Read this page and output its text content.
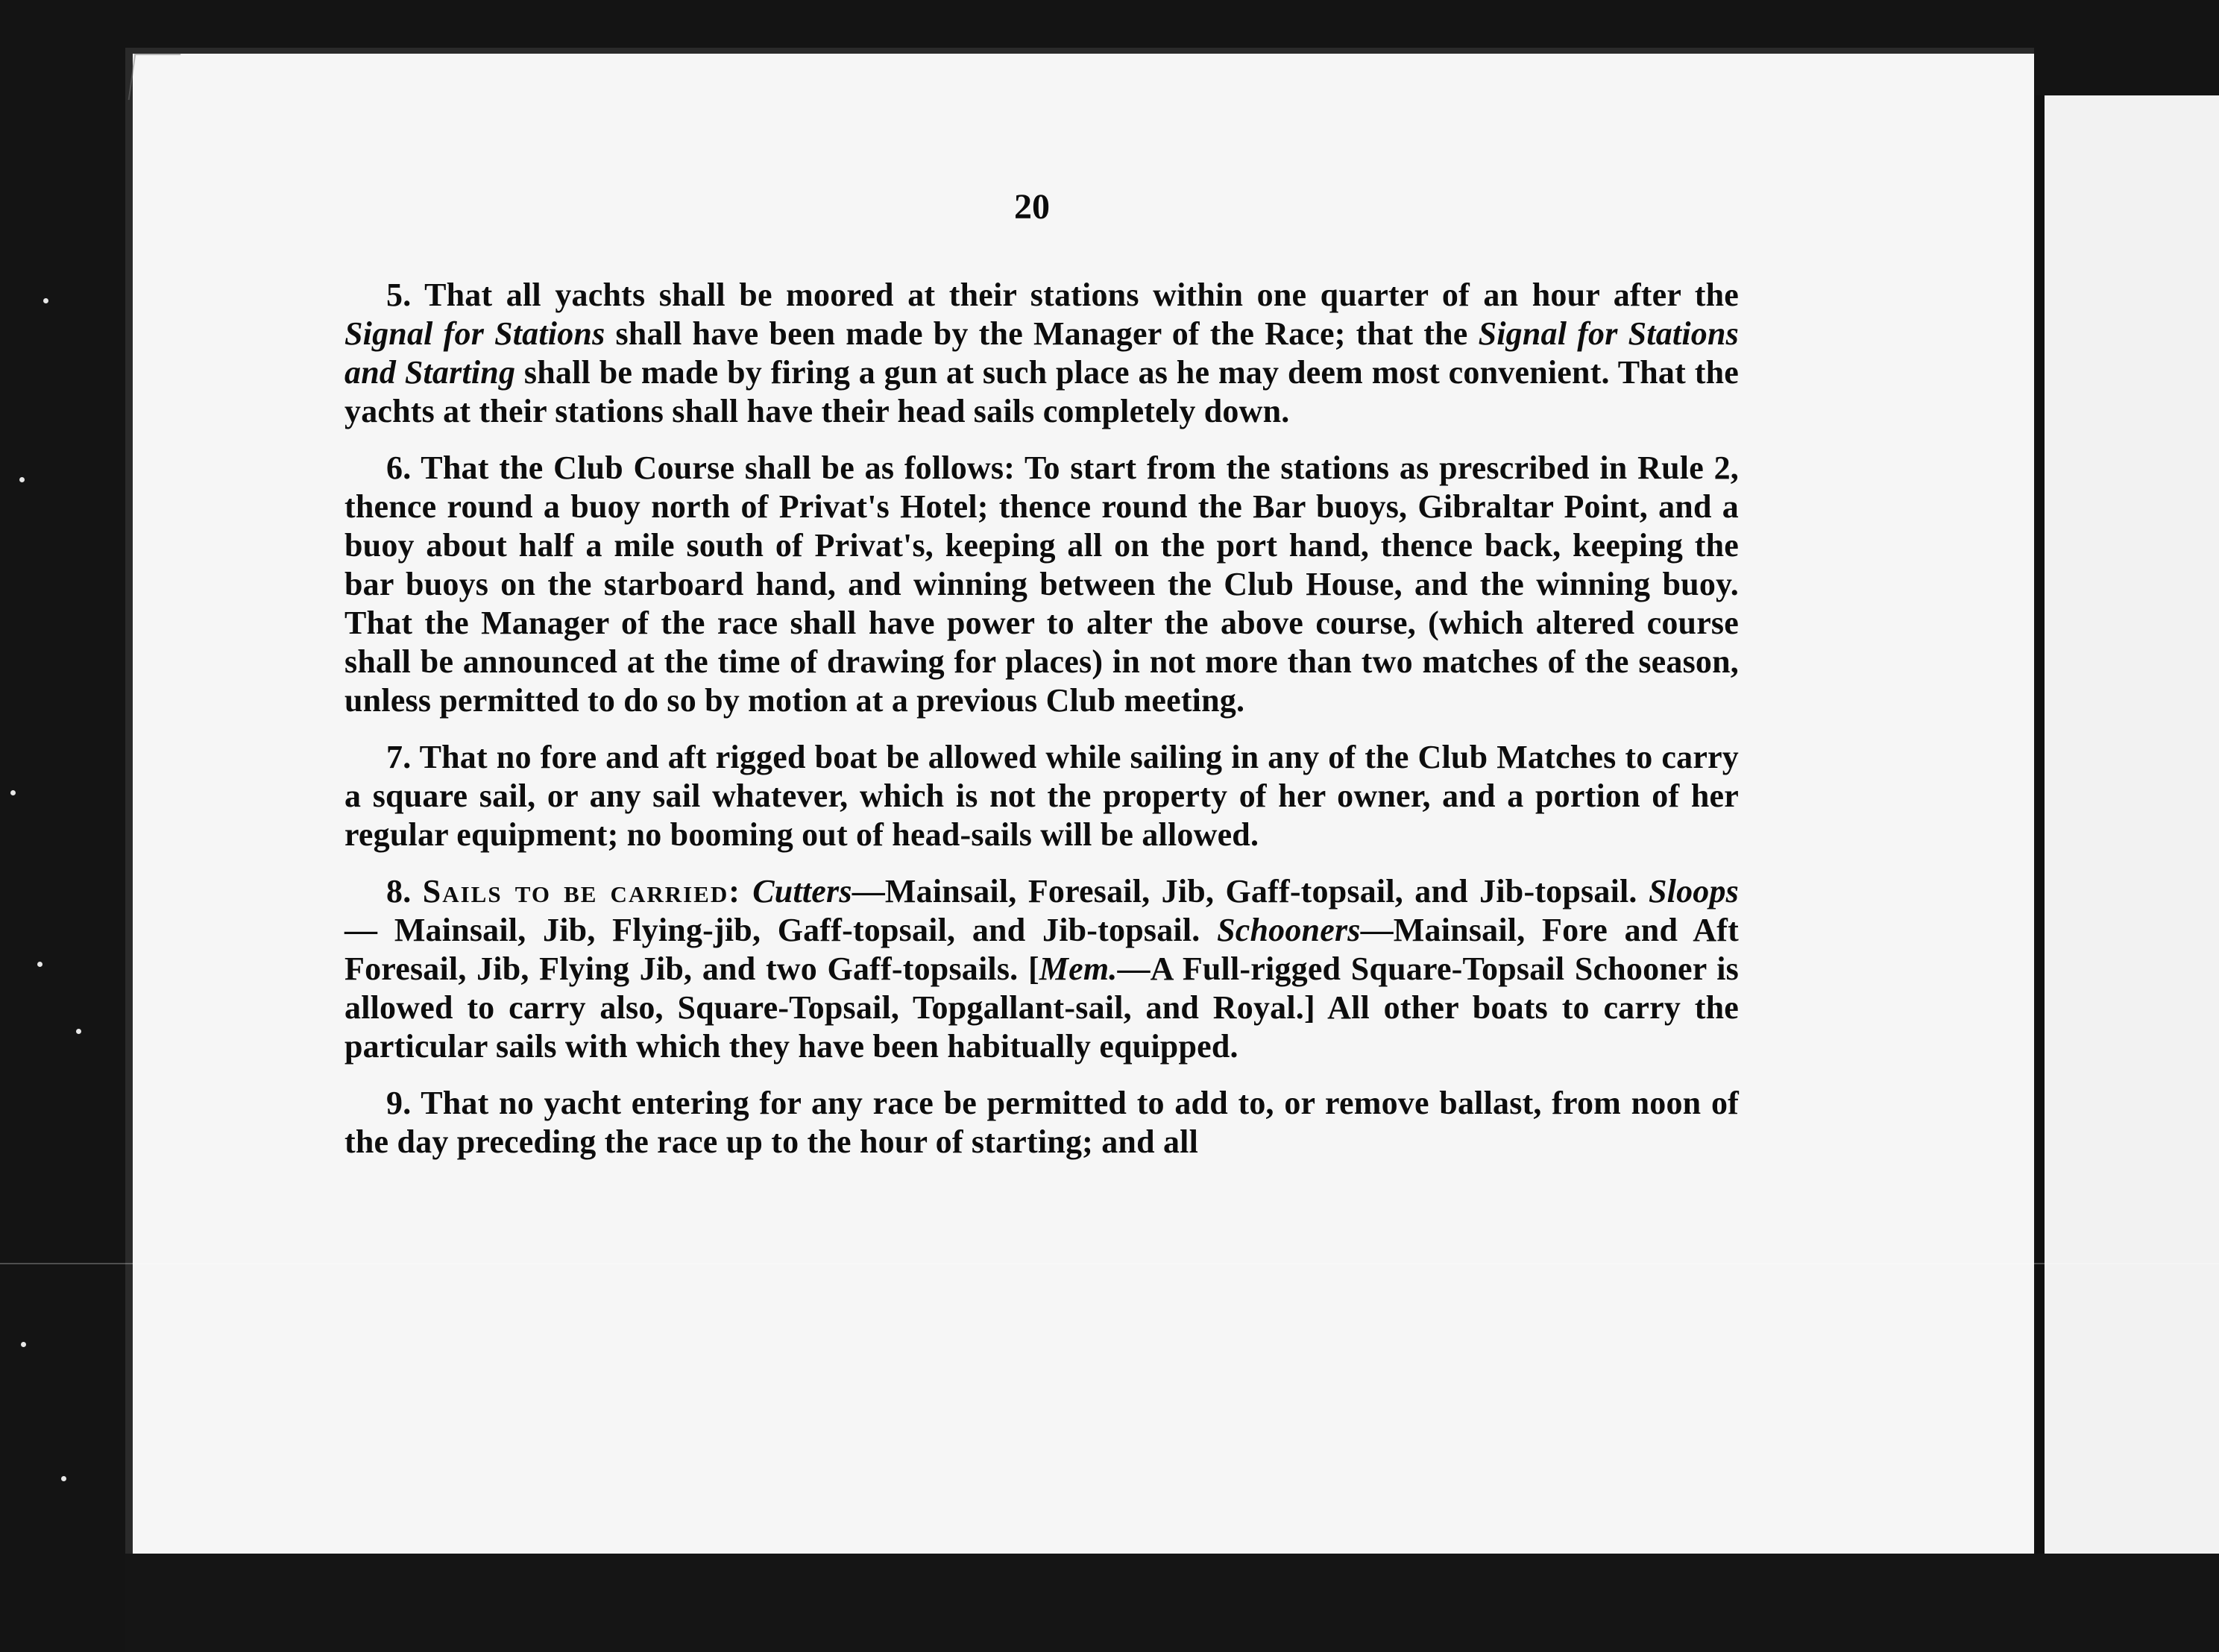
20

5. That all yachts shall be moored at their stations within one quarter of an hour after the Signal for Stations shall have been made by the Manager of the Race; that the Signal for Stations and Starting shall be made by firing a gun at such place as he may deem most convenient. That the yachts at their stations shall have their head sails completely down.

6. That the Club Course shall be as follows: To start from the stations as prescribed in Rule 2, thence round a buoy north of Privat's Hotel; thence round the Bar buoys, Gibraltar Point, and a buoy about half a mile south of Privat's, keeping all on the port hand, thence back, keeping the bar buoys on the starboard hand, and winning between the Club House, and the winning buoy. That the Manager of the race shall have power to alter the above course, (which altered course shall be announced at the time of drawing for places) in not more than two matches of the season, unless permitted to do so by motion at a previous Club meeting.

7. That no fore and aft rigged boat be allowed while sailing in any of the Club Matches to carry a square sail, or any sail whatever, which is not the property of her owner, and a portion of her regular equipment; no booming out of head-sails will be allowed.

8. Sails to be carried: Cutters—Mainsail, Foresail, Jib, Gaff-topsail, and Jib-topsail. Sloops — Mainsail, Jib, Flying-jib, Gaff-topsail, and Jib-topsail. Schooners—Mainsail, Fore and Aft Foresail, Jib, Flying Jib, and two Gaff-topsails. [Mem.—A Full-rigged Square-Topsail Schooner is allowed to carry also, Square-Topsail, Topgallant-sail, and Royal.] All other boats to carry the particular sails with which they have been habitually equipped.

9. That no yacht entering for any race be permitted to add to, or remove ballast, from noon of the day preceding the race up to the hour of starting; and all
